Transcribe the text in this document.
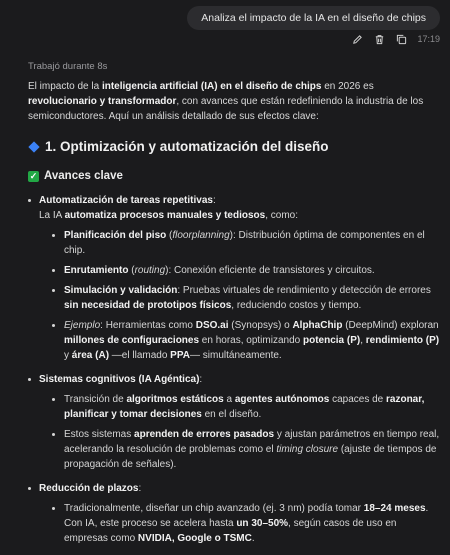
Analiza el impacto de la IA en el diseño de chips
17:19
Trabajó durante 8s

El impacto de la inteligencia artificial (IA) en el diseño de chips en 2026 es revolucionario y transformador, con avances que están redefiniendo la industria de los semiconductores. Aquí un análisis detallado de sus efectos clave:

1. Optimización y automatización del diseño
✓ Avances clave
Automatización de tareas repetitivas:
La IA automatiza procesos manuales y tediosos, como:
Planificación del piso (floorplanning): Distribución óptima de componentes en el chip.
Enrutamiento (routing): Conexión eficiente de transistores y circuitos.
Simulación y validación: Pruebas virtuales de rendimiento y detección de errores sin necesidad de prototipos físicos, reduciendo costos y tiempo.
Ejemplo: Herramientas como DSO.ai (Synopsys) o AlphaChip (DeepMind) exploran millones de configuraciones en horas, optimizando potencia (P), rendimiento (P) y área (A) —el llamado PPA— simultáneamente.
Sistemas cognitivos (IA Agéntica):
Transición de algoritmos estáticos a agentes autónomos capaces de razonar, planificar y tomar decisiones en el diseño.
Estos sistemas aprenden de errores pasados y ajustan parámetros en tiempo real, acelerando la resolución de problemas como el timing closure (ajuste de tiempos de propagación de señales).
Reducción de plazos:
Tradicionalmente, diseñar un chip avanzado (ej. 3 nm) podía tomar 18–24 meses. Con IA, este proceso se acelera hasta un 30–50%, según casos de uso en empresas como NVIDIA, Google o TSMC.
